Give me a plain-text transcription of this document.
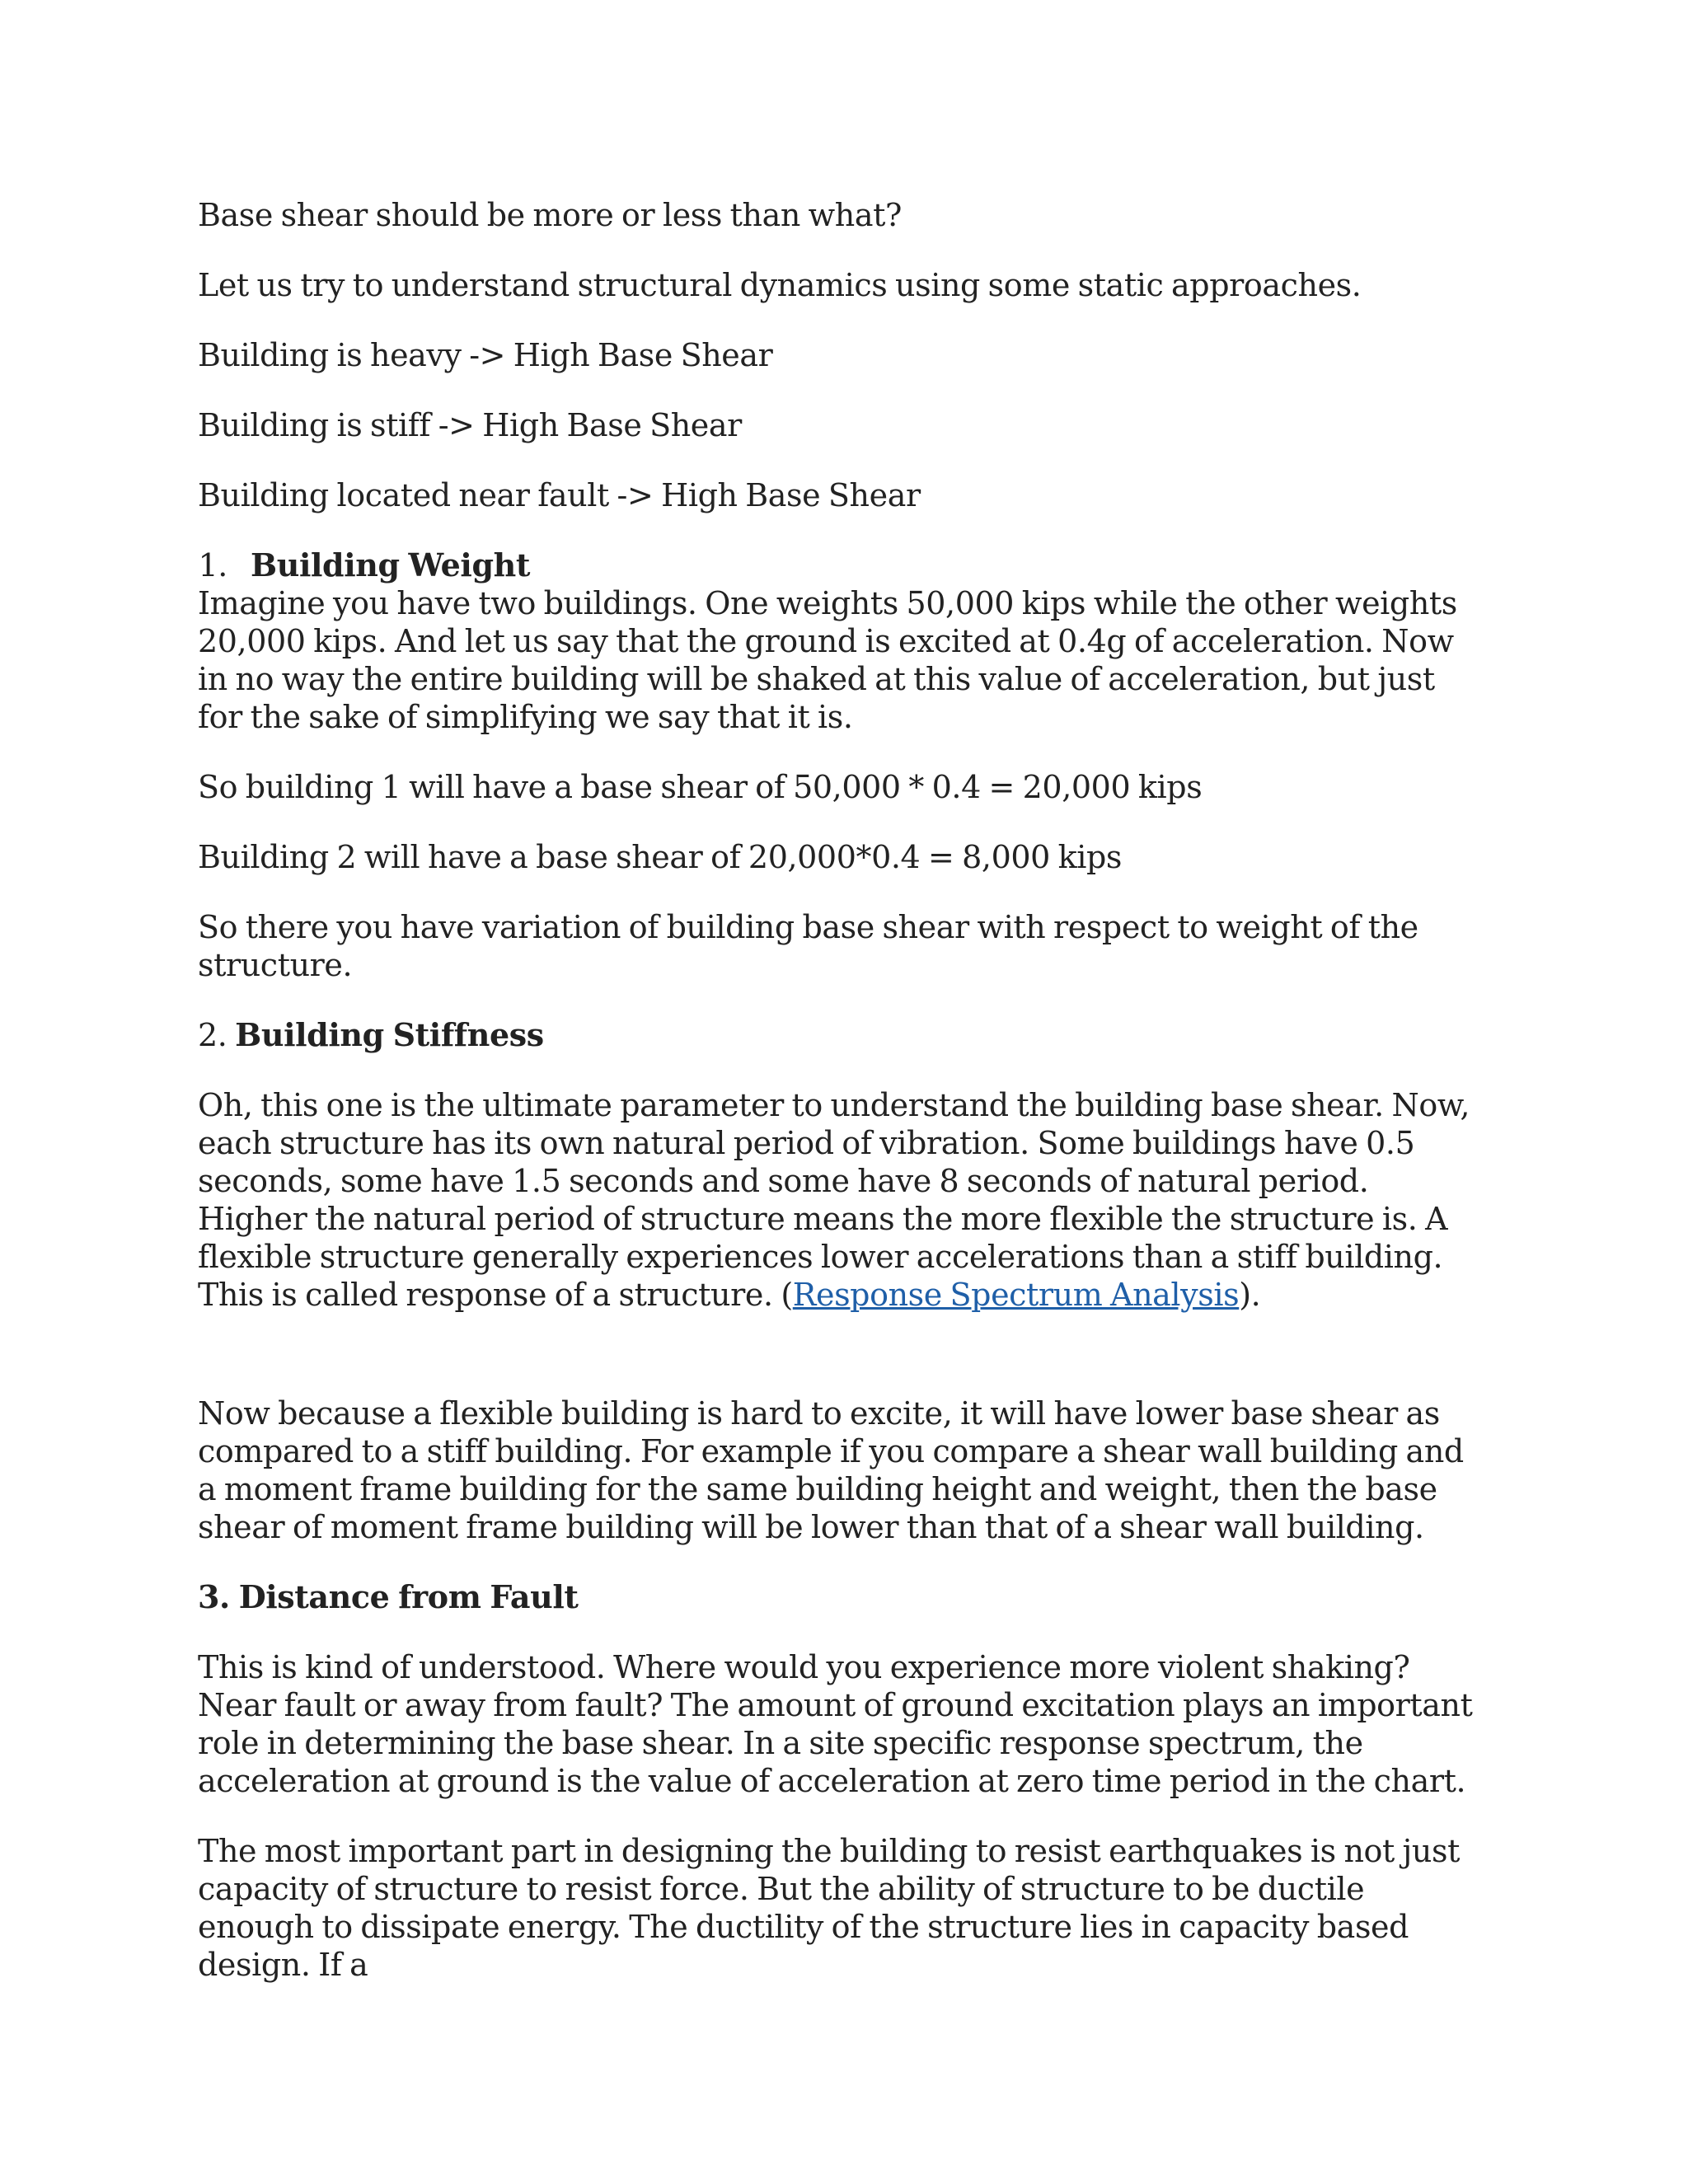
Base shear should be more or less than what?

Let us try to understand structural dynamics using some static approaches.

Building is heavy -> High Base Shear

Building is stiff -> High Base Shear

Building located near fault -> High Base Shear

1. Building Weight

Imagine you have two buildings. One weights 50,000 kips while the other weights 20,000 kips. And let us say that the ground is excited at 0.4g of acceleration. Now in no way the entire building will be shaked at this value of acceleration, but just for the sake of simplifying we say that it is.

So building 1 will have a base shear of 50,000 * 0.4 = 20,000 kips

Building 2 will have a base shear of 20,000*0.4 = 8,000 kips

So there you have variation of building base shear with respect to weight of the structure.

2. Building Stiffness

Oh, this one is the ultimate parameter to understand the building base shear. Now, each structure has its own natural period of vibration. Some buildings have 0.5 seconds, some have 1.5 seconds and some have 8 seconds of natural period. Higher the natural period of structure means the more flexible the structure is. A flexible structure generally experiences lower accelerations than a stiff building. This is called response of a structure. (Response Spectrum Analysis).

Now because a flexible building is hard to excite, it will have lower base shear as compared to a stiff building. For example if you compare a shear wall building and a moment frame building for the same building height and weight, then the base shear of moment frame building will be lower than that of a shear wall building.

3. Distance from Fault

This is kind of understood. Where would you experience more violent shaking? Near fault or away from fault? The amount of ground excitation plays an important role in determining the base shear. In a site specific response spectrum, the acceleration at ground is the value of acceleration at zero time period in the chart.

The most important part in designing the building to resist earthquakes is not just capacity of structure to resist force. But the ability of structure to be ductile enough to dissipate energy. The ductility of the structure lies in capacity based design. If a
